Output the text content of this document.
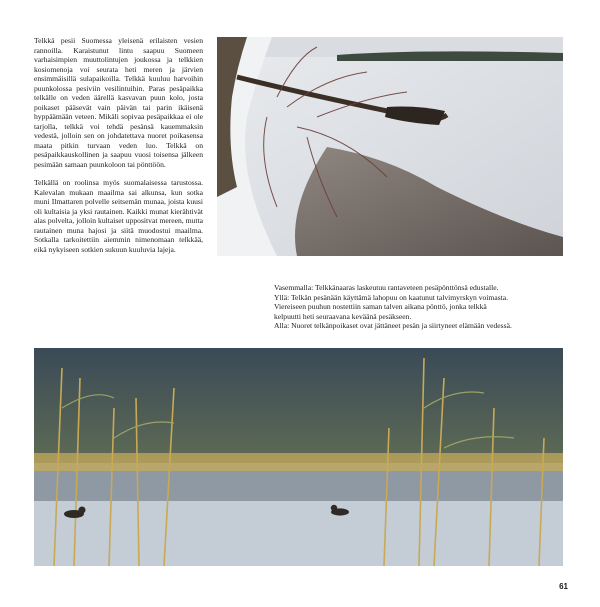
Telkkä pesii Suomessa yleisenä erilaisten vesien rannoilla. Karaistunut lintu saapuu Suomeen varhaisimpien muuttolintujen joukossa ja telkkien kosiomenoja voi seurata heti meren ja järvien ensimmäisillä sulapaikoilla. Telkkä kuuluu harvoihin puunkolossa pesiviin vesilintuihin. Paras pesäpaikka telkälle on veden äärellä kasvavan puun kolo, josta poikaset pääsevät vain päivän tai parin ikäisenä hyppäämään veteen. Mikäli sopivaa pesäpaikkaa ei ole tarjolla, telkkä voi tehdä pesänsä kauemmaksin vedestä, jolloin sen on johdatettava nuoret poikasensa maata pitkin turvaan veden luo. Telkkä on pesäpaikkauskollinen ja saapuu vuosi toisensa jälkeen pesimään samaan puunkoloon tai pönttöön.

Telkällä on roolinsa myös suomalaisessa tarustossa. Kalevalan mukaan maailma sai alkunsa, kun sotka muni Ilmattaren polvelle seitsemän munaa, joista kuusi oli kultaisia ja yksi rautainen. Kaikki munat kierähtivät alas polvelta, jolloin kultaiset uppositvat mereen, mutta rautainen muna hajosi ja siitä muodostui maailma. Sotkalla tarkoitettiin aiemmin nimenomaan telkkää, eikä nykyiseen sotkien sukuun kuuluvia lajeja.

Vasemmalla: Telkkänaaras laskeutuu rantaveteen pesäpönttönsä edustalle.
Yllä: Telkän pesänään käyttämä lahopuu on kaatunut talvimyrskyn voimasta.
Viereiseen puuhun nostettiin saman talven aikana pönttö, jonka telkkä
kelpuutti heti seuraavana keväänä pesäkseen.
Alla: Nuoret telkänpoikaset ovat jättäneet pesän ja siirtyneet elämään vedessä.
61
